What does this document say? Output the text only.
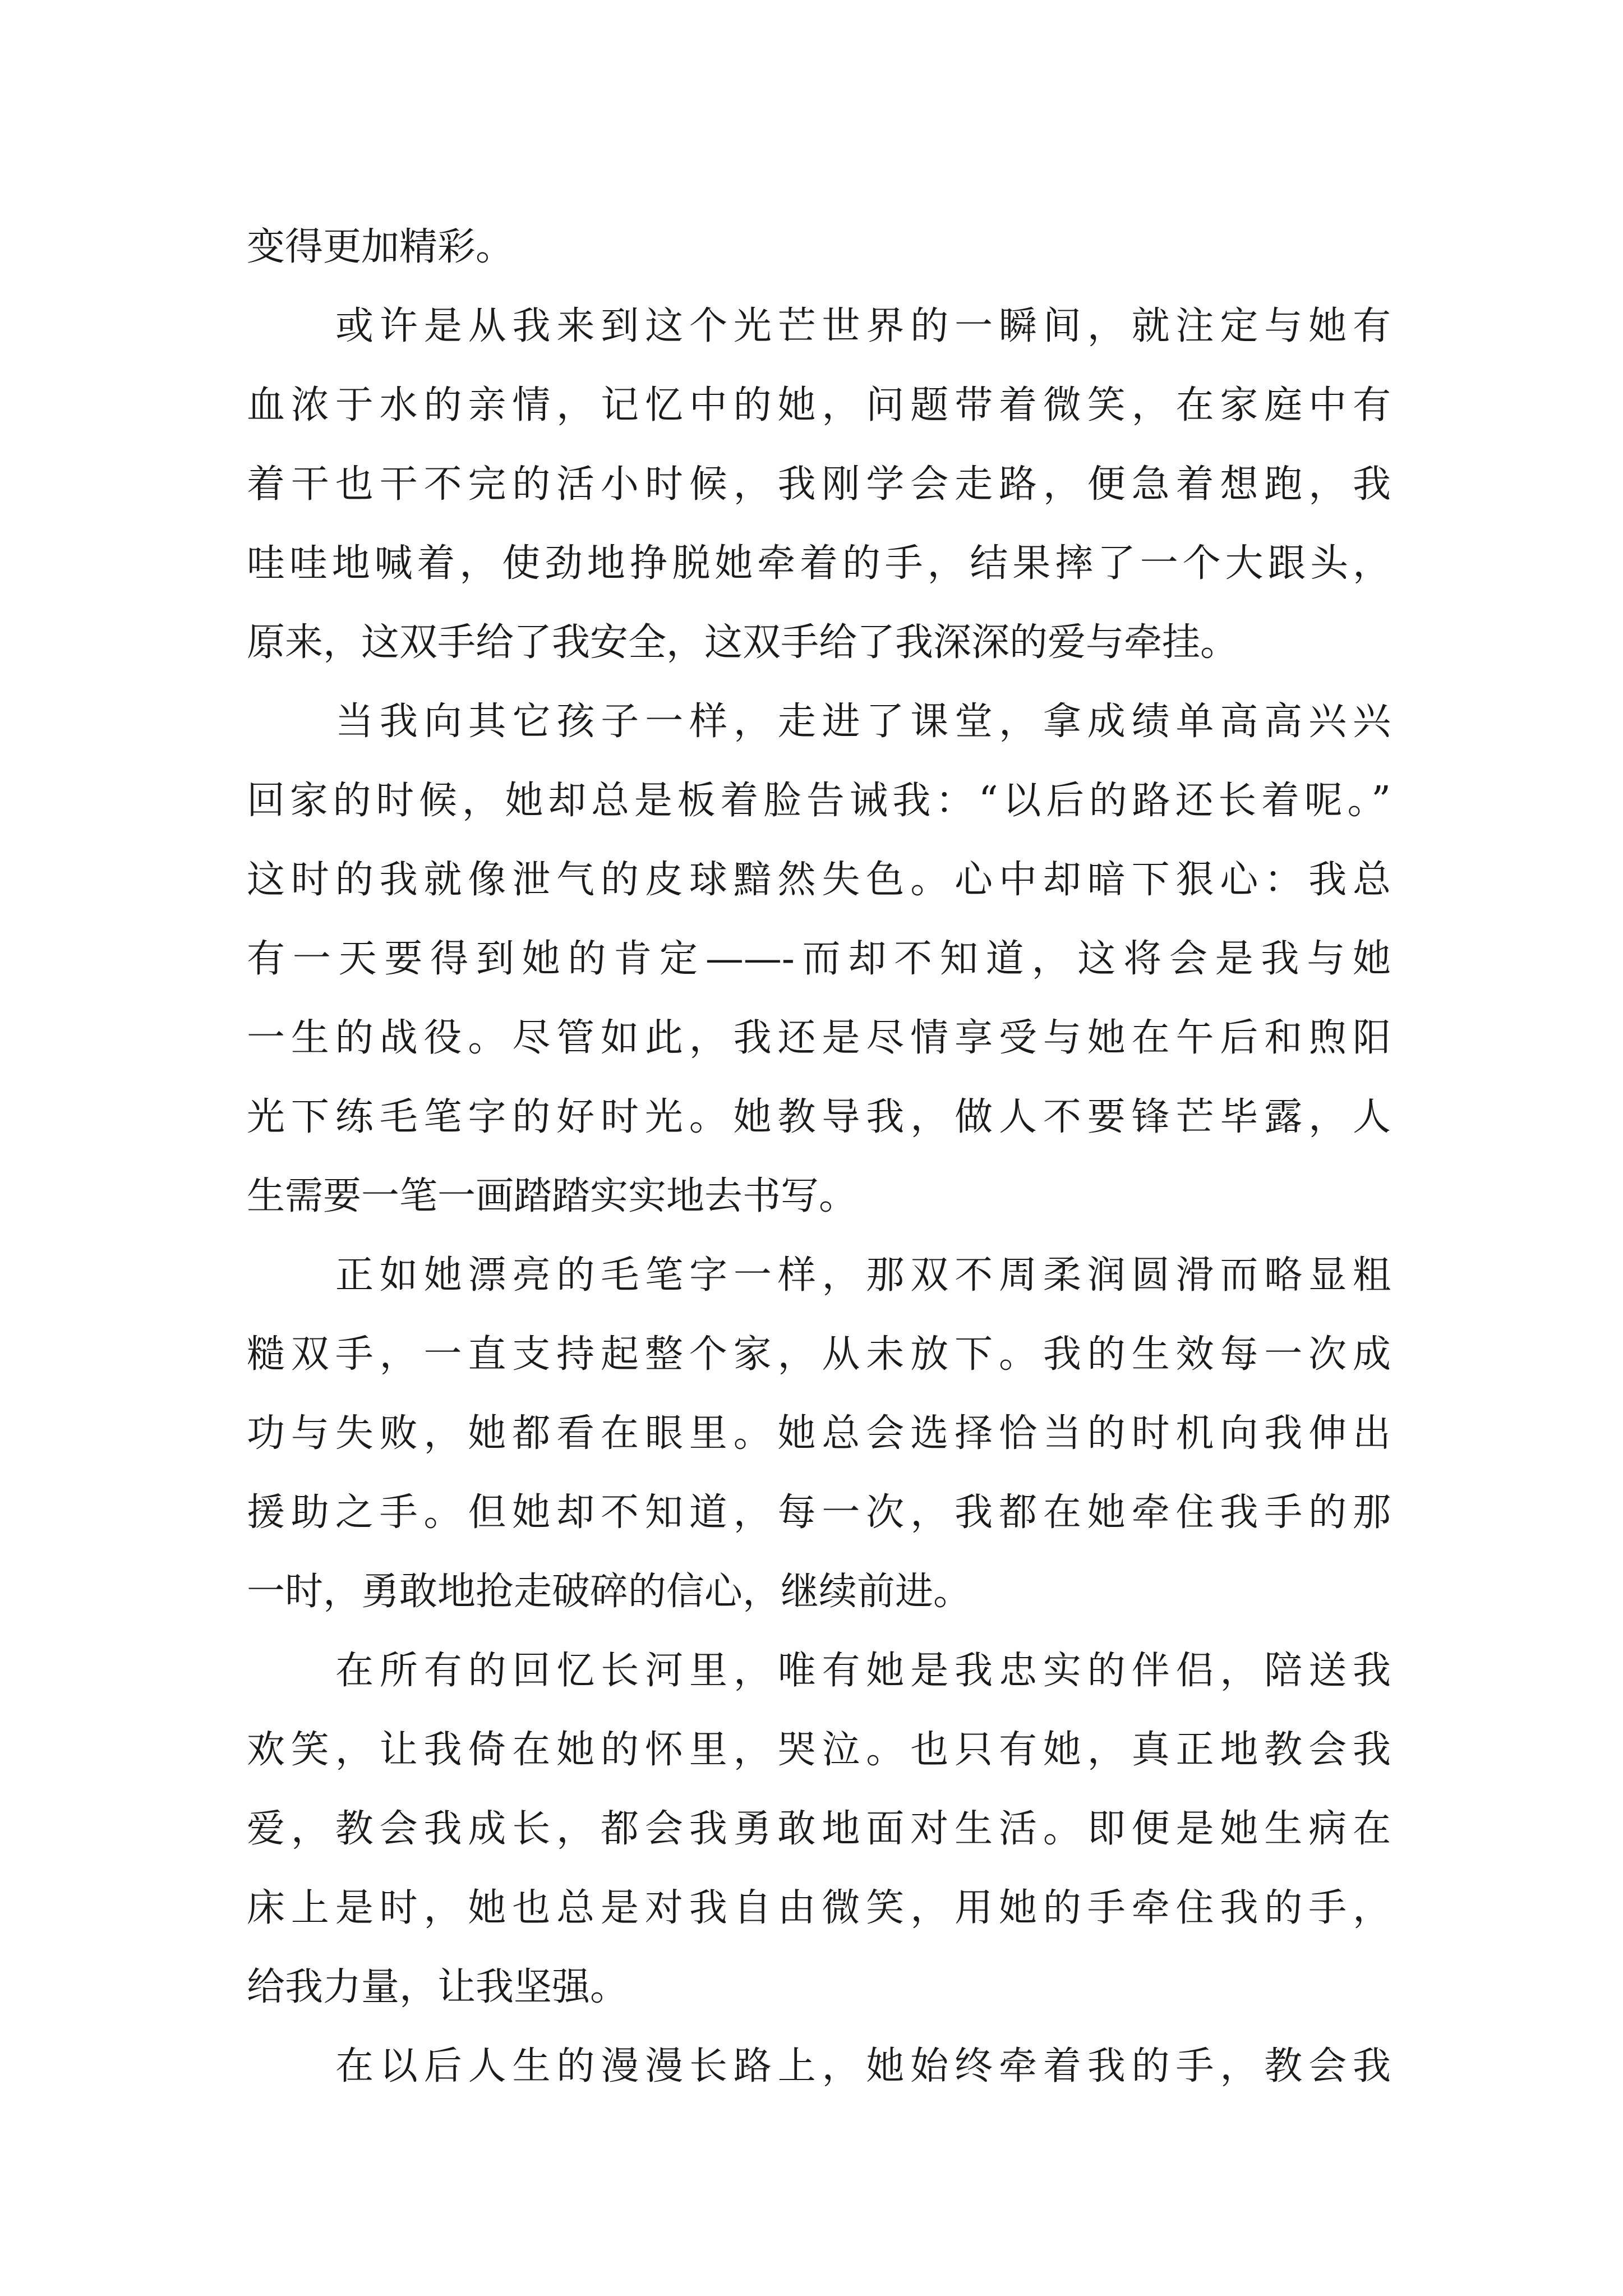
变得更加精彩。
或许是从我来到这个光芒世界的一瞬间，就注定与她有
血浓于水的亲情，记忆中的她，问题带着微笑，在家庭中有
着干也干不完的活小时候，我刚学会走路，便急着想跑，我
哇哇地喊着，使劲地挣脱她牵着的手，结果摔了一个大跟头，
原来，这双手给了我安全，这双手给了我深深的爱与牵挂。
当我向其它孩子一样，走进了课堂，拿成绩单高高兴兴
回家的时候，她却总是板着脸告诫我：“以后的路还长着呢。”
这时的我就像泄气的皮球黯然失色。心中却暗下狠心：我总
有一天要得到她的肯定——-而却不知道，这将会是我与她
一生的战役。尽管如此，我还是尽情享受与她在午后和煦阳
光下练毛笔字的好时光。她教导我，做人不要锋芒毕露，人
生需要一笔一画踏踏实实地去书写。
正如她漂亮的毛笔字一样，那双不周柔润圆滑而略显粗
糙双手，一直支持起整个家，从未放下。我的生效每一次成
功与失败，她都看在眼里。她总会选择恰当的时机向我伸出
援助之手。但她却不知道，每一次，我都在她牵住我手的那
一时，勇敢地抢走破碎的信心，继续前进。
在所有的回忆长河里，唯有她是我忠实的伴侣，陪送我
欢笑，让我倚在她的怀里，哭泣。也只有她，真正地教会我
爱，教会我成长，都会我勇敢地面对生活。即便是她生病在
床上是时，她也总是对我自由微笑，用她的手牵住我的手，
给我力量，让我坚强。
在以后人生的漫漫长路上，她始终牵着我的手，教会我
